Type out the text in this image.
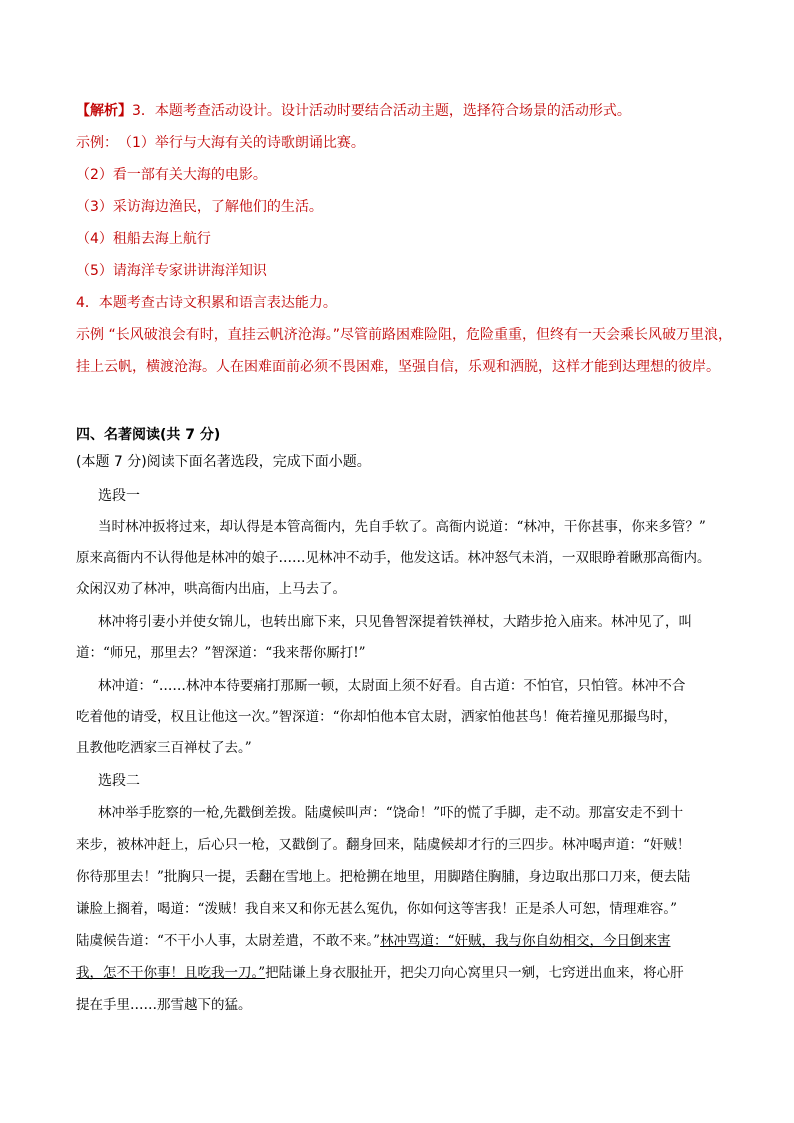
【解析】3．本题考查活动设计。设计活动时要结合活动主题，选择符合场景的活动形式。
示例： （1）举行与大海有关的诗歌朗诵比赛。
（2）看一部有关大海的电影。
（3）采访海边渔民，了解他们的生活。
（4）租船去海上航行
（5）请海洋专家讲讲海洋知识
4．本题考查古诗文积累和语言表达能力。
示例 “长风破浪会有时，直挂云帆济沧海。”尽管前路困难险阻，危险重重，但终有一天会乘长风破万里浪，
挂上云帆，横渡沧海。人在困难面前必须不畏困难，坚强自信，乐观和洒脱，这样才能到达理想的彼岸。
四、名著阅读(共 7 分)
(本题 7 分)阅读下面名著选段，完成下面小题。
选段一
当时林冲扳将过来，却认得是本管高衙内，先自手软了。高衙内说道：“林冲，干你甚事，你来多管？”
原来高衙内不认得他是林冲的娘子……见林冲不动手，他发这话。林冲怒气未消，一双眼睁着瞅那高衙内。
众闲汉劝了林冲，哄高衙内出庙，上马去了。
林冲将引妻小并使女锦儿，也转出廊下来，只见鲁智深提着铁禅杖，大踏步抢入庙来。林冲见了，叫
道：“师兄，那里去？”智深道：“我来帮你厮打!”
林冲道：“……林冲本待要痛打那厮一顿，太尉面上须不好看。自古道：不怕官，只怕管。林冲不合
吃着他的请受，权且让他这一次。”智深道：“你却怕他本官太尉，洒家怕他甚鸟！俺若撞见那撮鸟时，
且教他吃洒家三百禅杖了去。”
选段二
林冲举手肐察的一枪,先戳倒差拨。陆虞候叫声：“饶命！”吓的慌了手脚，走不动。那富安走不到十
来步，被林冲赶上，后心只一枪，又戳倒了。翻身回来，陆虞候却才行的三四步。林冲喝声道：“奸贼！
你待那里去！”批胸只一提，丢翻在雪地上。把枪搠在地里，用脚踏住胸脯，身边取出那口刀来，便去陆
谦脸上搁着，喝道：“泼贼！我自来又和你无甚么冤仇，你如何这等害我！正是杀人可恕，情理难容。”
陆虞候告道：“不干小人事，太尉差遣，不敢不来。”林冲骂道：“奸贼，我与你自幼相交，今日倒来害
我，怎不干你事！且吃我一刀。”把陆谦上身衣服扯开，把尖刀向心窝里只一剜，七窍迸出血来，将心肝
提在手里……那雪越下的猛。
